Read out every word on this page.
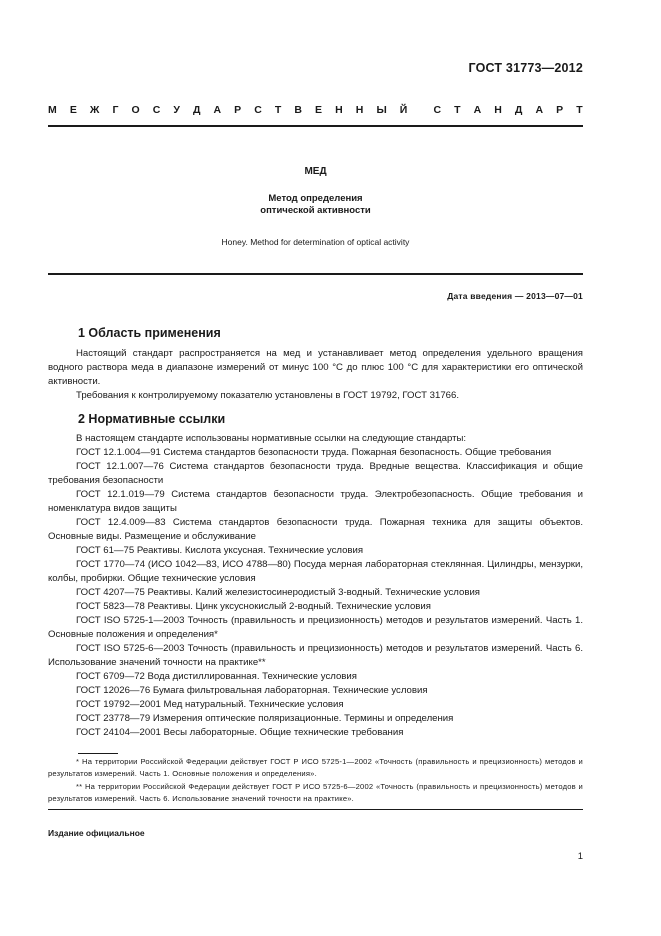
ГОСТ 31773—2012
М Е Ж Г О С У Д А Р С Т В Е Н Н Ы Й С Т А Н Д А Р Т
МЕД
Метод определения
оптической активности
Honey. Method for determination of optical activity
Дата введения — 2013—07—01
1 Область применения
Настоящий стандарт распространяется на мед и устанавливает метод определения удельного вращения водного раствора меда в диапазоне измерений от минус 100 °С до плюс 100 °С для характеристики его оптической активности.
Требования к контролируемому показателю установлены в ГОСТ 19792, ГОСТ 31766.
2 Нормативные ссылки
В настоящем стандарте использованы нормативные ссылки на следующие стандарты:
ГОСТ 12.1.004—91 Система стандартов безопасности труда. Пожарная безопасность. Общие требования
ГОСТ 12.1.007—76 Система стандартов безопасности труда. Вредные вещества. Классификация и общие требования безопасности
ГОСТ 12.1.019—79 Система стандартов безопасности труда. Электробезопасность. Общие требования и номенклатура видов защиты
ГОСТ 12.4.009—83 Система стандартов безопасности труда. Пожарная техника для защиты объектов. Основные виды. Размещение и обслуживание
ГОСТ 61—75 Реактивы. Кислота уксусная. Технические условия
ГОСТ 1770—74 (ИСО 1042—83, ИСО 4788—80) Посуда мерная лабораторная стеклянная. Цилиндры, мензурки, колбы, пробирки. Общие технические условия
ГОСТ 4207—75 Реактивы. Калий железистосинеродистый 3-водный. Технические условия
ГОСТ 5823—78 Реактивы. Цинк уксуснокислый 2-водный. Технические условия
ГОСТ ISO 5725-1—2003 Точность (правильность и прецизионность) методов и результатов измерений. Часть 1. Основные положения и определения*
ГОСТ ISO 5725-6—2003 Точность (правильность и прецизионность) методов и результатов измерений. Часть 6. Использование значений точности на практике**
ГОСТ 6709—72 Вода дистиллированная. Технические условия
ГОСТ 12026—76 Бумага фильтровальная лабораторная. Технические условия
ГОСТ 19792—2001 Мед натуральный. Технические условия
ГОСТ 23778—79 Измерения оптические поляризационные. Термины и определения
ГОСТ 24104—2001 Весы лабораторные. Общие технические требования
* На территории Российской Федерации действует ГОСТ Р ИСО 5725-1—2002 «Точность (правильность и прецизионность) методов и результатов измерений. Часть 1. Основные положения и определения».
** На территории Российской Федерации действует ГОСТ Р ИСО 5725-6—2002 «Точность (правильность и прецизионность) методов и результатов измерений. Часть 6. Использование значений точности на практике».
Издание официальное
1
